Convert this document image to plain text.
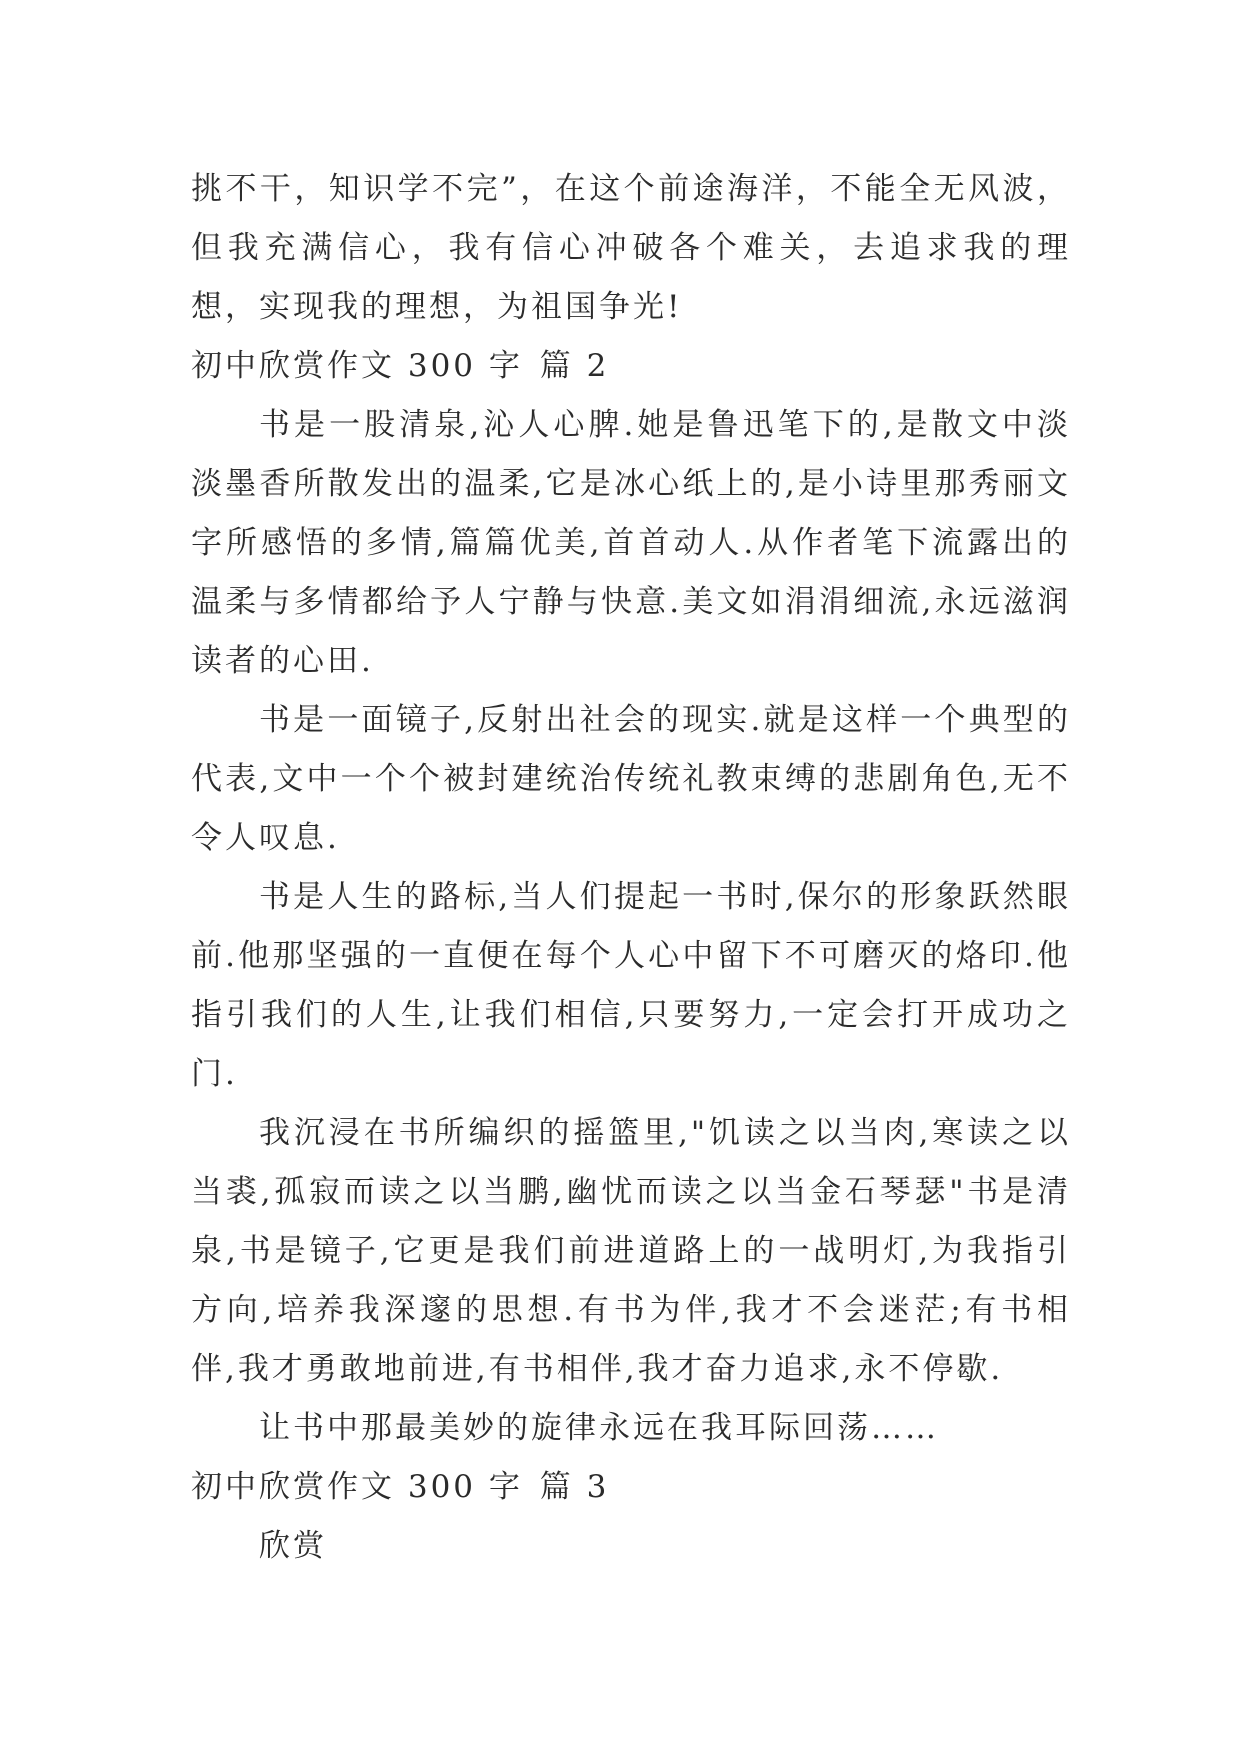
挑不干，知识学不完”，在这个前途海洋，不能全无风波，但我充满信心，我有信心冲破各个难关，去追求我的理想，实现我的理想，为祖国争光!

初中欣赏作文 300 字 篇 2

书是一股清泉,沁人心脾.她是鲁迅笔下的,是散文中淡淡墨香所散发出的温柔,它是冰心纸上的,是小诗里那秀丽文字所感悟的多情,篇篇优美,首首动人.从作者笔下流露出的温柔与多情都给予人宁静与快意.美文如涓涓细流,永远滋润读者的心田.

书是一面镜子,反射出社会的现实.就是这样一个典型的代表,文中一个个被封建统治传统礼教束缚的悲剧角色,无不令人叹息.

书是人生的路标,当人们提起一书时,保尔的形象跃然眼前.他那坚强的一直便在每个人心中留下不可磨灭的烙印.他指引我们的人生,让我们相信,只要努力,一定会打开成功之门.

我沉浸在书所编织的摇篮里,"饥读之以当肉,寒读之以当裘,孤寂而读之以当鹏,幽忧而读之以当金石琴瑟"书是清泉,书是镜子,它更是我们前进道路上的一战明灯,为我指引方向,培养我深邃的思想.有书为伴,我才不会迷茫;有书相伴,我才勇敢地前进,有书相伴,我才奋力追求,永不停歇.

让书中那最美妙的旋律永远在我耳际回荡……

初中欣赏作文 300 字 篇 3

欣赏
